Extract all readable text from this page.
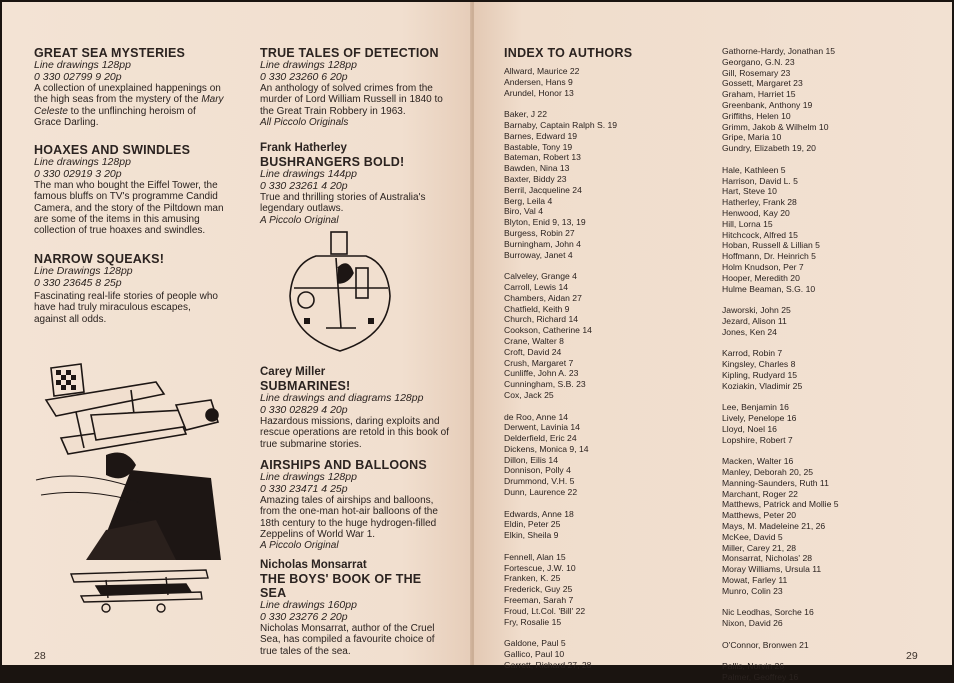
GREAT SEA MYSTERIES
Line drawings 128pp
0 330 02799 9 20p
A collection of unexplained happenings on the high seas from the mystery of the Mary Celeste to the unflinching heroism of Grace Darling.
HOAXES AND SWINDLES
Line drawings 128pp
0 330 02919 3 20p
The man who bought the Eiffel Tower, the famous bluffs on TV's programme Candid Camera, and the story of the Piltdown man are some of the items in this amusing collection of true hoaxes and swindles.
NARROW SQUEAKS!
Line Drawings 128pp
0 330 23645 8 25p
Fascinating real-life stories of people who have had truly miraculous escapes, against all odds.
TRUE TALES OF DETECTION
Line drawings 128pp
0 330 23260 6 20p
An anthology of solved crimes from the murder of Lord William Russell in 1840 to the Great Train Robbery in 1963.
All Piccolo Originals
Frank Hatherley
BUSHRANGERS BOLD!
Line drawings 144pp
0 330 23261 4 20p
True and thrilling stories of Australia's legendary outlaws.
A Piccolo Original
Carey Miller
SUBMARINES!
Line drawings and diagrams 128pp
0 330 02829 4 20p
Hazardous missions, daring exploits and rescue operations are retold in this book of true submarine stories.
AIRSHIPS AND BALLOONS
Line drawings 128pp
0 330 23471 4 25p
Amazing tales of airships and balloons, from the one-man hot-air balloons of the 18th century to the huge hydrogen-filled Zeppelins of World War 1.
A Piccolo Original
Nicholas Monsarrat
THE BOYS' BOOK OF THE SEA
Line drawings 160pp
0 330 23276 2 20p
Nicholas Monsarrat, author of the Cruel Sea, has compiled a favourite choice of true tales of the sea.
28
INDEX TO AUTHORS
Allward, Maurice 22
Andersen, Hans 9
Arundel, Honor 13
Baker, J 22
Barnaby, Captain Ralph S. 19
Barnes, Edward 19
Bastable, Tony 19
Bateman, Robert 13
Bawden, Nina 13
Baxter, Biddy 23
Berril, Jacqueline 24
Berg, Leila 4
Biro, Val 4
Blyton, Enid 9, 13, 19
Burgess, Robin 27
Burningham, John 4
Burroway, Janet 4
Calveley, Grange 4
Carroll, Lewis 14
Chambers, Aidan 27
Chatfield, Keith 9
Church, Richard 14
Cookson, Catherine 14
Crane, Walter 8
Croft, David 24
Crush, Margaret 7
Cunliffe, John A. 23
Cunningham, S.B. 23
Cox, Jack 25
de Roo, Anne 14
Derwent, Lavinia 14
Delderfield, Eric 24
Dickens, Monica 9, 14
Dillon, Eilis 14
Donnison, Polly 4
Drummond, V.H. 5
Dunn, Laurence 22
Edwards, Anne 18
Eldin, Peter 25
Elkin, Sheila 9
Fennell, Alan 15
Fortescue, J.W. 10
Franken, K. 25
Frederick, Guy 25
Freeman, Sarah 7
Froud, Lt.Col. 'Bill' 22
Fry, Rosalie 15
Galdone, Paul 5
Gallico, Paul 10
Garrett, Richard 27, 28
Gathorne-Hardy, Jonathan 15
Georgano, G.N. 23
Gill, Rosemary 23
Gossett, Margaret 23
Graham, Harriet 15
Greenbank, Anthony 19
Griffiths, Helen 10
Grimm, Jakob & Wilhelm 10
Gripe, Maria 10
Gundry, Elizabeth 19, 20
Hale, Kathleen 5
Harrison, David L. 5
Hart, Steve 10
Hatherley, Frank 28
Henwood, Kay 20
Hill, Lorna 15
Hitchcock, Alfred 15
Hoban, Russell & Lillian 5
Hoffmann, Dr. Heinrich 5
Holm Knudson, Per 7
Hooper, Meredith 20
Hulme Beaman, S.G. 10
Jaworski, John 25
Jezard, Alison 11
Jones, Ken 24
Karrod, Robin 7
Kingsley, Charles 8
Kipling, Rudyard 15
Koziakin, Vladimir 25
Lee, Benjamin 16
Lively, Penelope 16
Lloyd, Noel 16
Lopshire, Robert 7
Macken, Walter 16
Manley, Deborah 20, 25
Manning-Saunders, Ruth 11
Marchant, Roger 22
Matthews, Patrick and Mollie 5
Matthews, Peter 20
Mays, M. Madeleine 21, 26
McKee, David 5
Miller, Carey 21, 28
Monsarrat, Nicholas' 28
Moray Williams, Ursula 11
Mowat, Farley 11
Munro, Colin 23
Nic Leodhas, Sorche 16
Nixon, David 26
O'Connor, Bronwen 21
Pallis, Norvin 26
Palmer, Geoffrey 16
29
